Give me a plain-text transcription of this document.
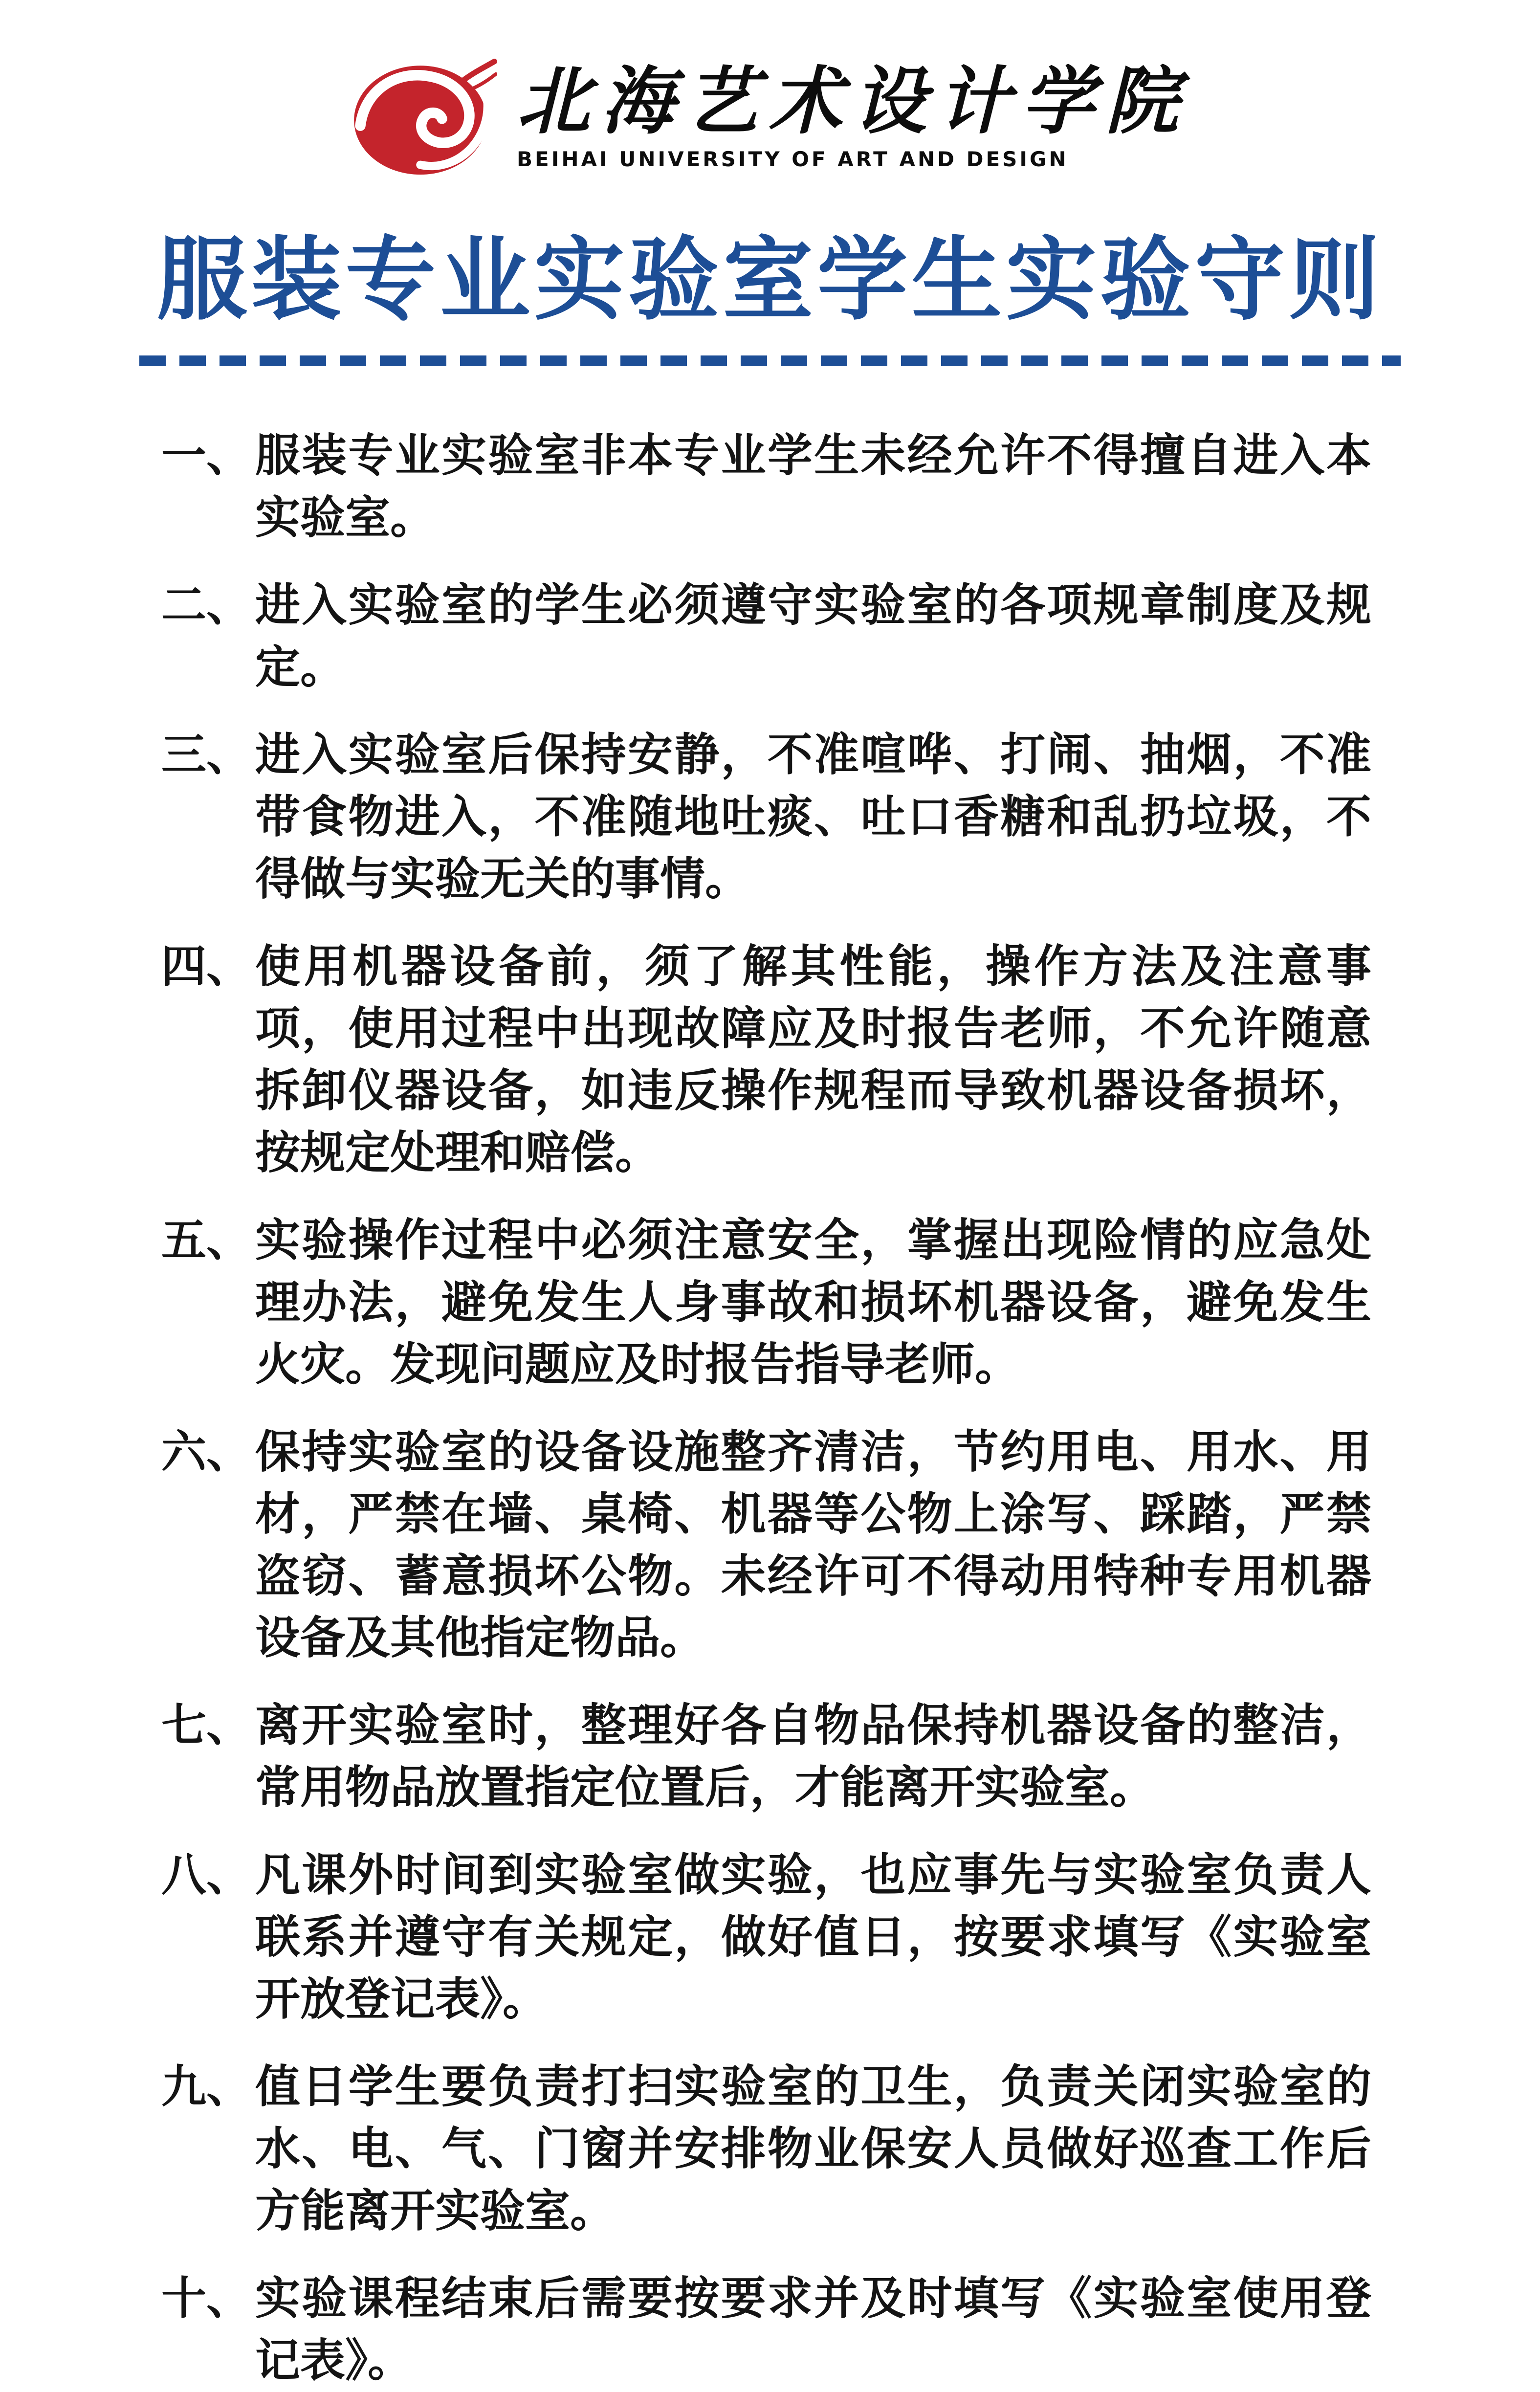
北海艺术设计学院
BEIHAI UNIVERSITY OF ART AND DESIGN
服装专业实验室学生实验守则
一、 服装专业实验室非本专业学生未经允许不得擅自进入本实验室。

二、 进入实验室的学生必须遵守实验室的各项规章制度及规定。

三、 进入实验室后保持安静，不准喧哗、打闹、抽烟，不准带食物进入，不准随地吐痰、吐口香糖和乱扔垃圾，不得做与实验无关的事情。

四、 使用机器设备前，须了解其性能，操作方法及注意事项，使用过程中出现故障应及时报告老师，不允许随意拆卸仪器设备，如违反操作规程而导致机器设备损坏，按规定处理和赔偿。

五、 实验操作过程中必须注意安全，掌握出现险情的应急处理办法，避免发生人身事故和损坏机器设备，避免发生火灾。发现问题应及时报告指导老师。

六、 保持实验室的设备设施整齐清洁，节约用电、用水、用材，严禁在墙、桌椅、机器等公物上涂写、踩踏，严禁盗窃、蓄意损坏公物。未经许可不得动用特种专用机器设备及其他指定物品。

七、 离开实验室时，整理好各自物品保持机器设备的整洁，常用物品放置指定位置后，才能离开实验室。

八、 凡课外时间到实验室做实验，也应事先与实验室负责人联系并遵守有关规定，做好值日，按要求填写《实验室开放登记表》。

九、 值日学生要负责打扫实验室的卫生，负责关闭实验室的水、电、气、门窗并安排物业保安人员做好巡查工作后方能离开实验室。

十、 实验课程结束后需要按要求并及时填写《实验室使用登记表》。
